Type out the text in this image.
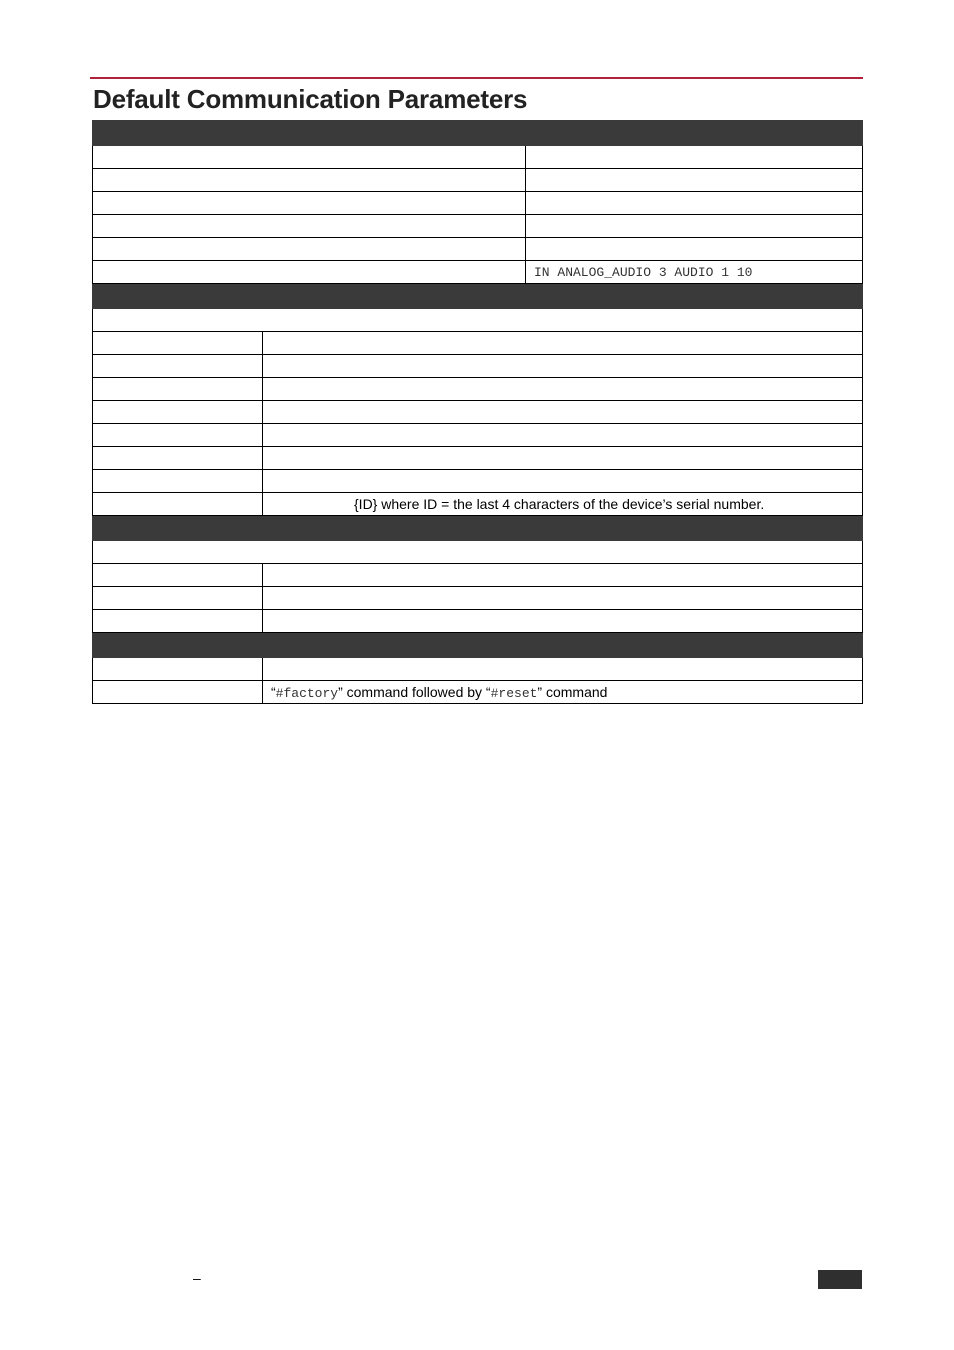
Default Communication Parameters

		IN ANALOG_AUDIO 3 AUDIO 1 10

	{ID} where ID = the last 4 characters of the device’s serial number.	

	“#factory” command followed by “#reset” command	
–
